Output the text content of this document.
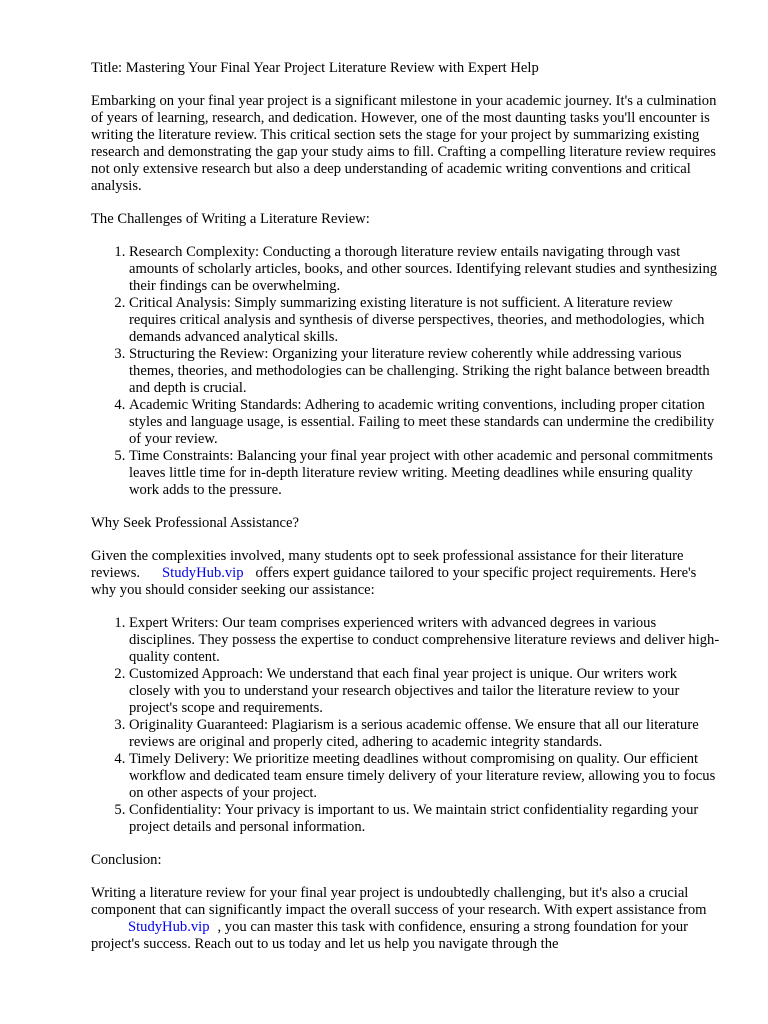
Title: Mastering Your Final Year Project Literature Review with Expert Help

Embarking on your final year project is a significant milestone in your academic journey. It's a culmination of years of learning, research, and dedication. However, one of the most daunting tasks you'll encounter is writing the literature review. This critical section sets the stage for your project by summarizing existing research and demonstrating the gap your study aims to fill. Crafting a compelling literature review requires not only extensive research but also a deep understanding of academic writing conventions and critical analysis.

The Challenges of Writing a Literature Review:

1. Research Complexity: Conducting a thorough literature review entails navigating through vast amounts of scholarly articles, books, and other sources. Identifying relevant studies and synthesizing their findings can be overwhelming.
2. Critical Analysis: Simply summarizing existing literature is not sufficient. A literature review requires critical analysis and synthesis of diverse perspectives, theories, and methodologies, which demands advanced analytical skills.
3. Structuring the Review: Organizing your literature review coherently while addressing various themes, theories, and methodologies can be challenging. Striking the right balance between breadth and depth is crucial.
4. Academic Writing Standards: Adhering to academic writing conventions, including proper citation styles and language usage, is essential. Failing to meet these standards can undermine the credibility of your review.
5. Time Constraints: Balancing your final year project with other academic and personal commitments leaves little time for in-depth literature review writing. Meeting deadlines while ensuring quality work adds to the pressure.

Why Seek Professional Assistance?

Given the complexities involved, many students opt to seek professional assistance for their literature reviews. StudyHub.vip offers expert guidance tailored to your specific project requirements. Here's why you should consider seeking our assistance:

1. Expert Writers: Our team comprises experienced writers with advanced degrees in various disciplines. They possess the expertise to conduct comprehensive literature reviews and deliver high-quality content.
2. Customized Approach: We understand that each final year project is unique. Our writers work closely with you to understand your research objectives and tailor the literature review to your project's scope and requirements.
3. Originality Guaranteed: Plagiarism is a serious academic offense. We ensure that all our literature reviews are original and properly cited, adhering to academic integrity standards.
4. Timely Delivery: We prioritize meeting deadlines without compromising on quality. Our efficient workflow and dedicated team ensure timely delivery of your literature review, allowing you to focus on other aspects of your project.
5. Confidentiality: Your privacy is important to us. We maintain strict confidentiality regarding your project details and personal information.

Conclusion:

Writing a literature review for your final year project is undoubtedly challenging, but it's also a crucial component that can significantly impact the overall success of your research. With expert assistance fromStudyHub.vip , you can master this task with confidence, ensuring a strong foundation for your project's success. Reach out to us today and let us help you navigate through the
